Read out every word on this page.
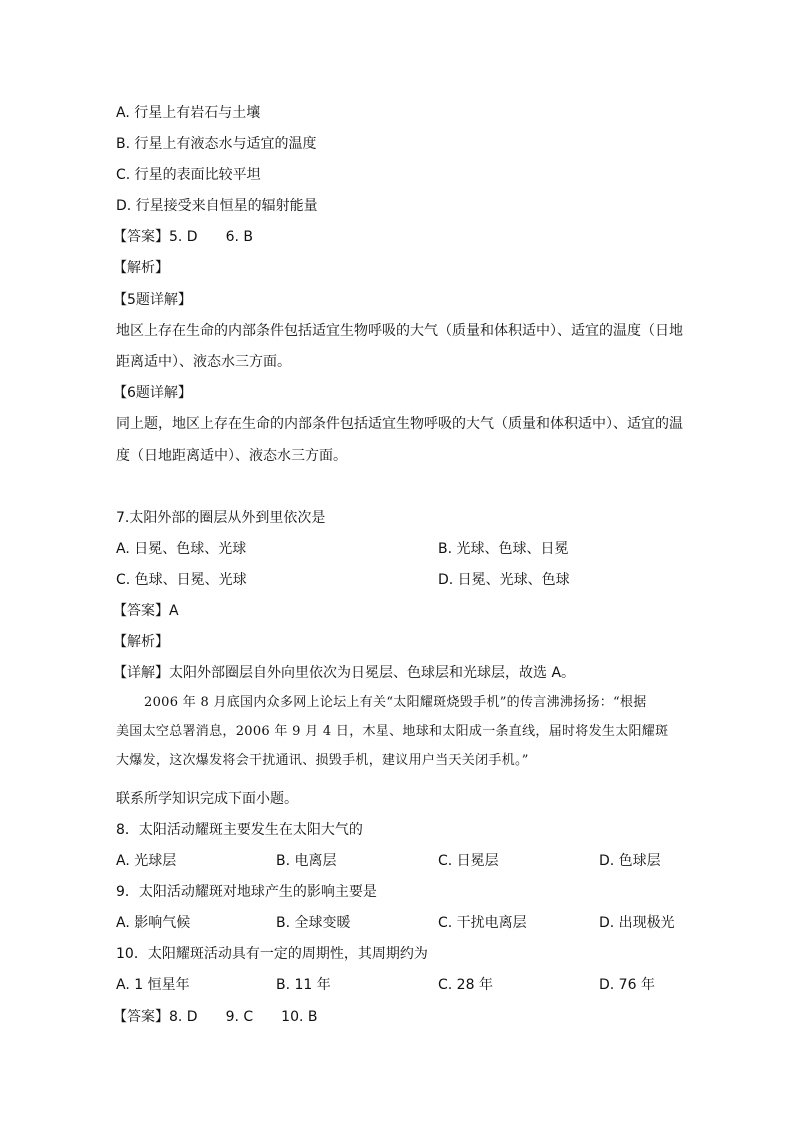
A. 行星上有岩石与土壤
B. 行星上有液态水与适宜的温度
C. 行星的表面比较平坦
D. 行星接受来自恒星的辐射能量
【答案】5. D　　6. B
【解析】
【5题详解】
地区上存在生命的内部条件包括适宜生物呼吸的大气（质量和体积适中）、适宜的温度（日地
距离适中）、液态水三方面。
【6题详解】
同上题，地区上存在生命的内部条件包括适宜生物呼吸的大气（质量和体积适中）、适宜的温
度（日地距离适中）、液态水三方面。
7.太阳外部的圈层从外到里依次是
A. 日冕、色球、光球	B. 光球、色球、日冕
C. 色球、日冕、光球	D. 日冕、光球、色球
【答案】A
【解析】
【详解】太阳外部圈层自外向里依次为日冕层、色球层和光球层，故选 A。
2006 年 8 月底国内众多网上论坛上有关“太阳耀斑烧毁手机”的传言沸沸扬扬：“根据
美国太空总署消息，2006 年 9 月 4 日，木星、地球和太阳成一条直线，届时将发生太阳耀斑
大爆发，这次爆发将会干扰通讯、损毁手机，建议用户当天关闭手机。”
联系所学知识完成下面小题。
8．太阳活动耀斑主要发生在太阳大气的
A. 光球层	B. 电离层	C. 日冕层	D. 色球层
9．太阳活动耀斑对地球产生的影响主要是
A. 影响气候	B. 全球变暖	C. 干扰电离层	D. 出现极光
10．太阳耀斑活动具有一定的周期性，其周期约为
A. 1 恒星年	B. 11 年	C. 28 年	D. 76 年
【答案】8. D　　9. C　　10. B
